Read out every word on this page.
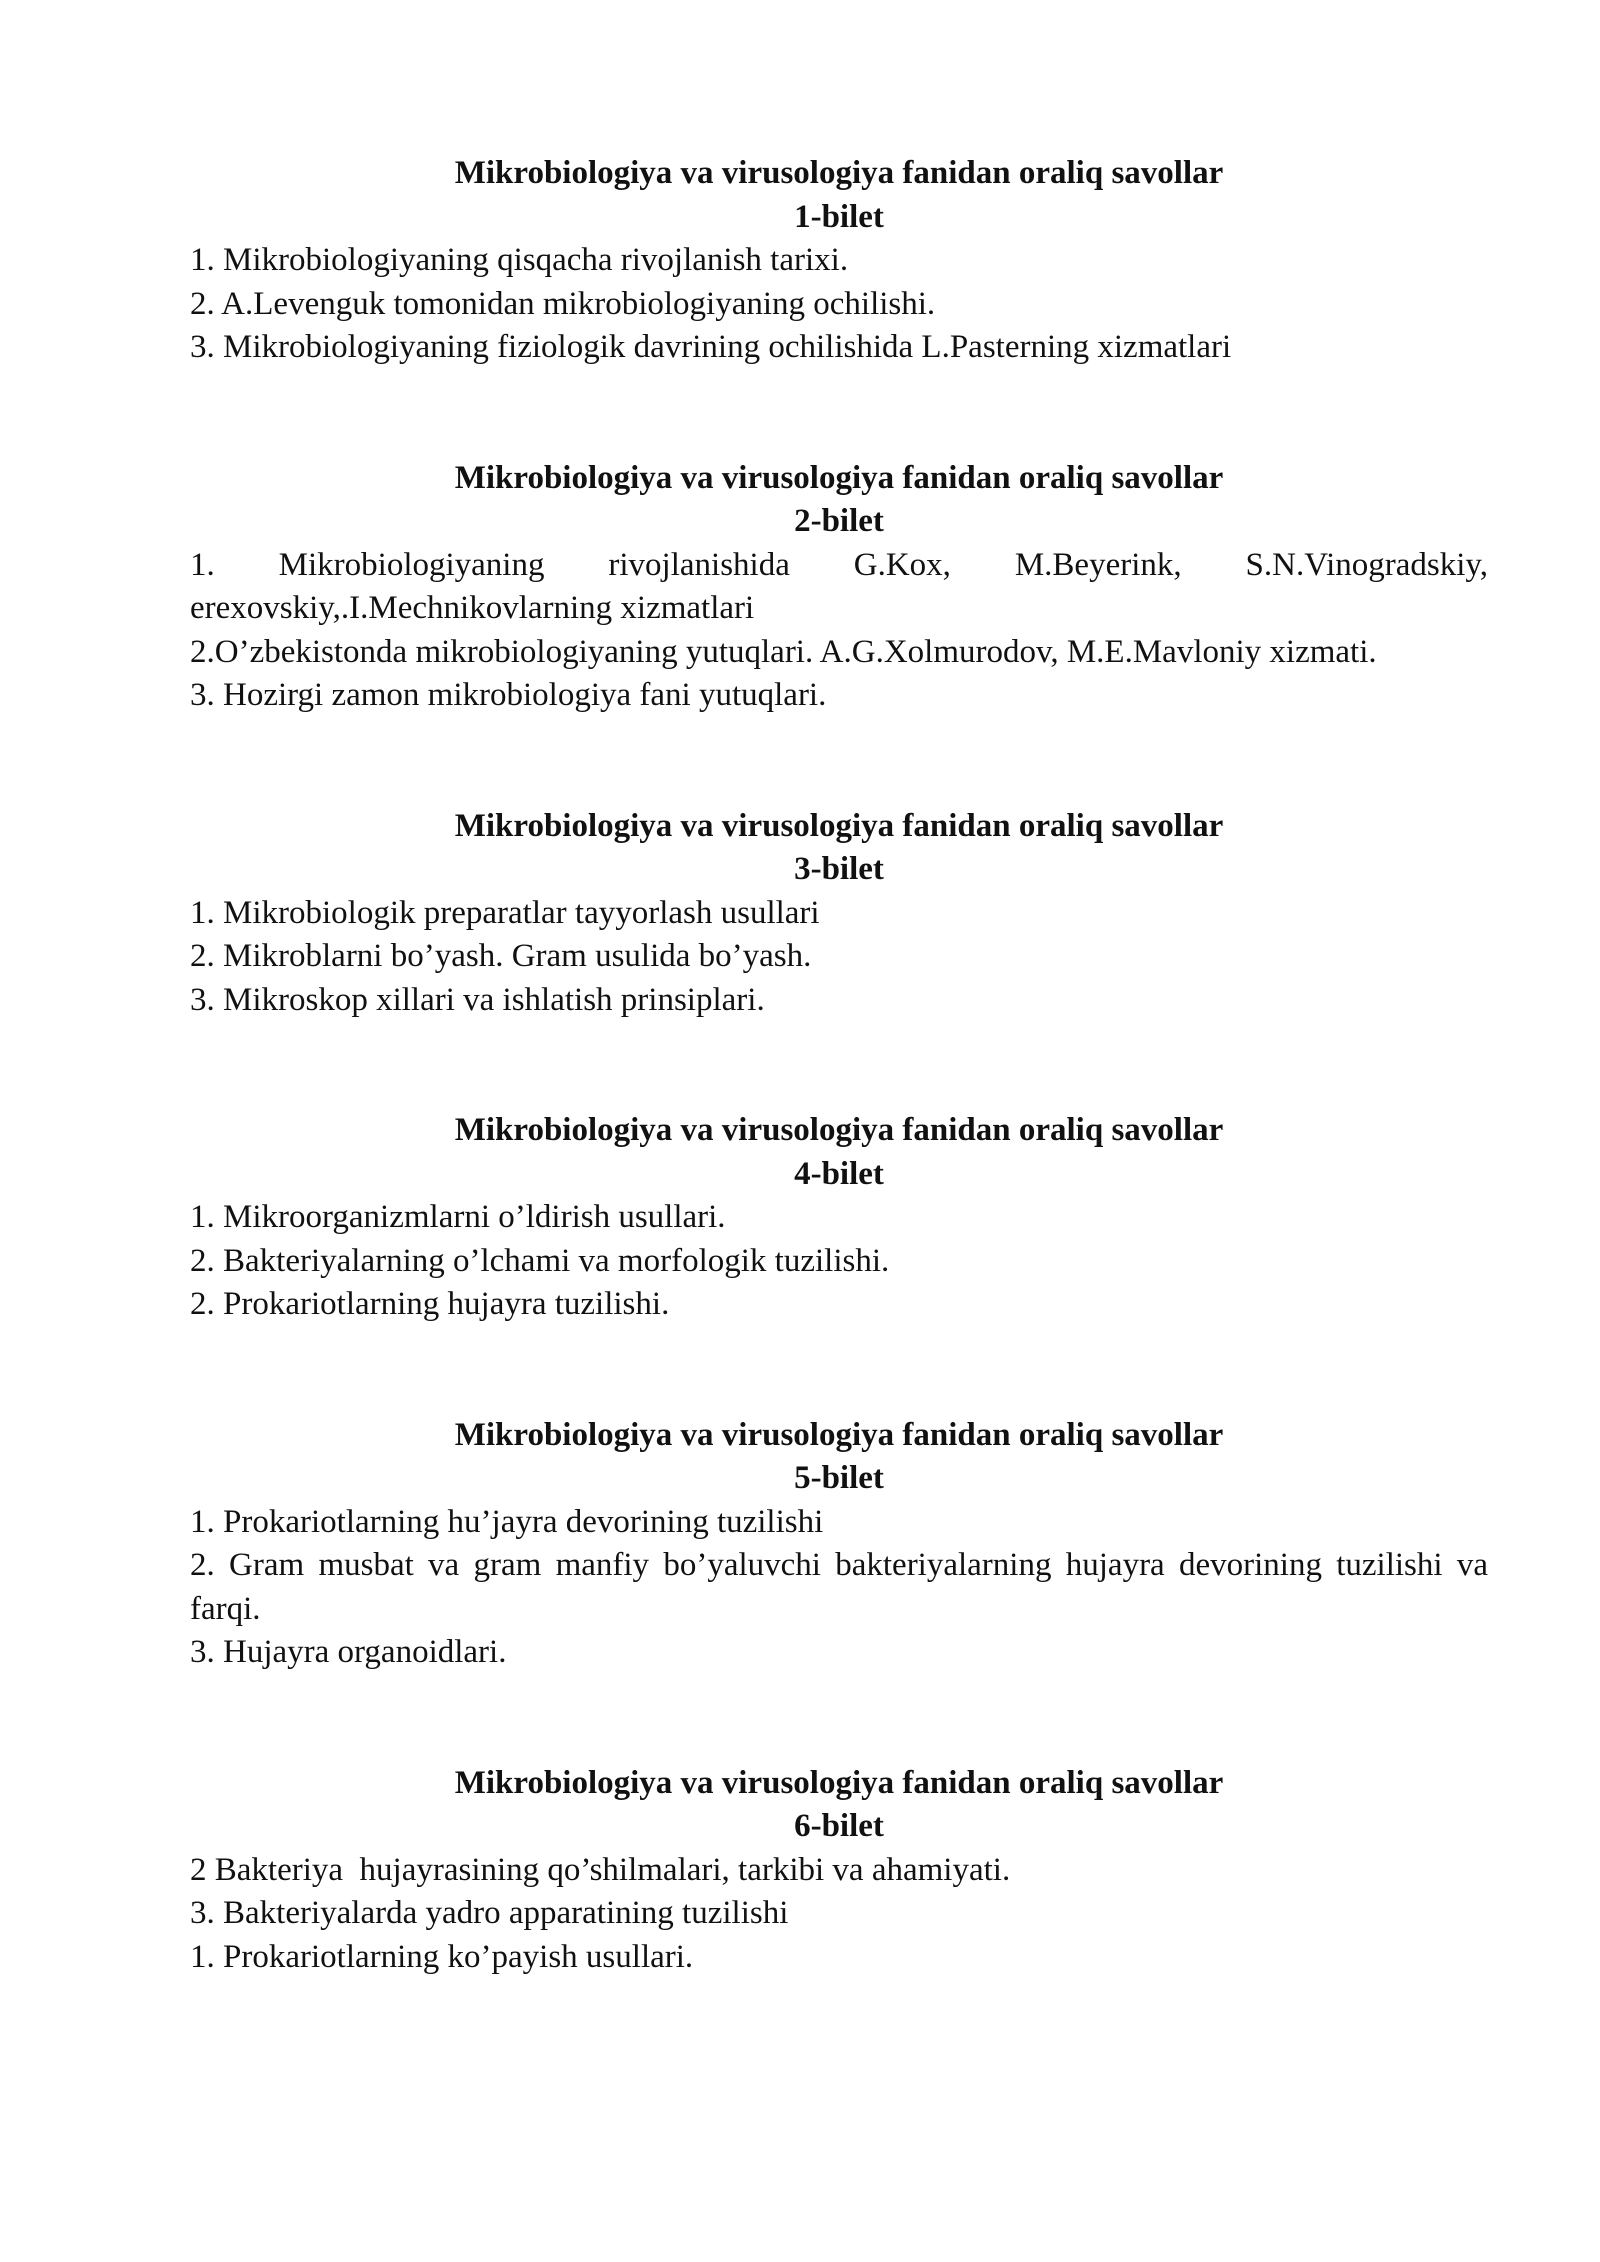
Mikrobiologiya va virusologiya fanidan oraliq savollar

1-bilet

1. Mikrobiologiyaning qisqacha rivojlanish tarixi.

2. A.Levenguk tomonidan mikrobiologiyaning ochilishi.

3. Mikrobiologiyaning fiziologik davrining ochilishida L.Pasterning xizmatlari

Mikrobiologiya va virusologiya fanidan oraliq savollar

2-bilet

1. Mikrobiologiyaning rivojlanishida G.Kox, M.Beyerink, S.N.Vinogradskiy, erexovskiy,.I.Mechnikovlarning xizmatlari

2.O’zbekistonda mikrobiologiyaning yutuqlari. A.G.Xolmurodov, M.E.Mavloniy xizmati.

3. Hozirgi zamon mikrobiologiya fani yutuqlari.

Mikrobiologiya va virusologiya fanidan oraliq savollar

3-bilet

1. Mikrobiologik preparatlar tayyorlash usullari

2. Mikroblarni bo’yash. Gram usulida bo’yash.

3. Mikroskop xillari va ishlatish prinsiplari.

Mikrobiologiya va virusologiya fanidan oraliq savollar

4-bilet

1. Mikroorganizmlarni o’ldirish usullari.

2. Bakteriyalarning o’lchami va morfologik tuzilishi.

2. Prokariotlarning hujayra tuzilishi.

Mikrobiologiya va virusologiya fanidan oraliq savollar

5-bilet

1. Prokariotlarning hu’jayra devorining tuzilishi

2. Gram musbat va gram manfiy bo’yaluvchi bakteriyalarning hujayra devorining tuzilishi va farqi.

3. Hujayra organoidlari.

Mikrobiologiya va virusologiya fanidan oraliq savollar

6-bilet

2 Bakteriya  hujayrasining qo’shilmalari, tarkibi va ahamiyati.

3. Bakteriyalarda yadro apparatining tuzilishi

1. Prokariotlarning ko’payish usullari.
